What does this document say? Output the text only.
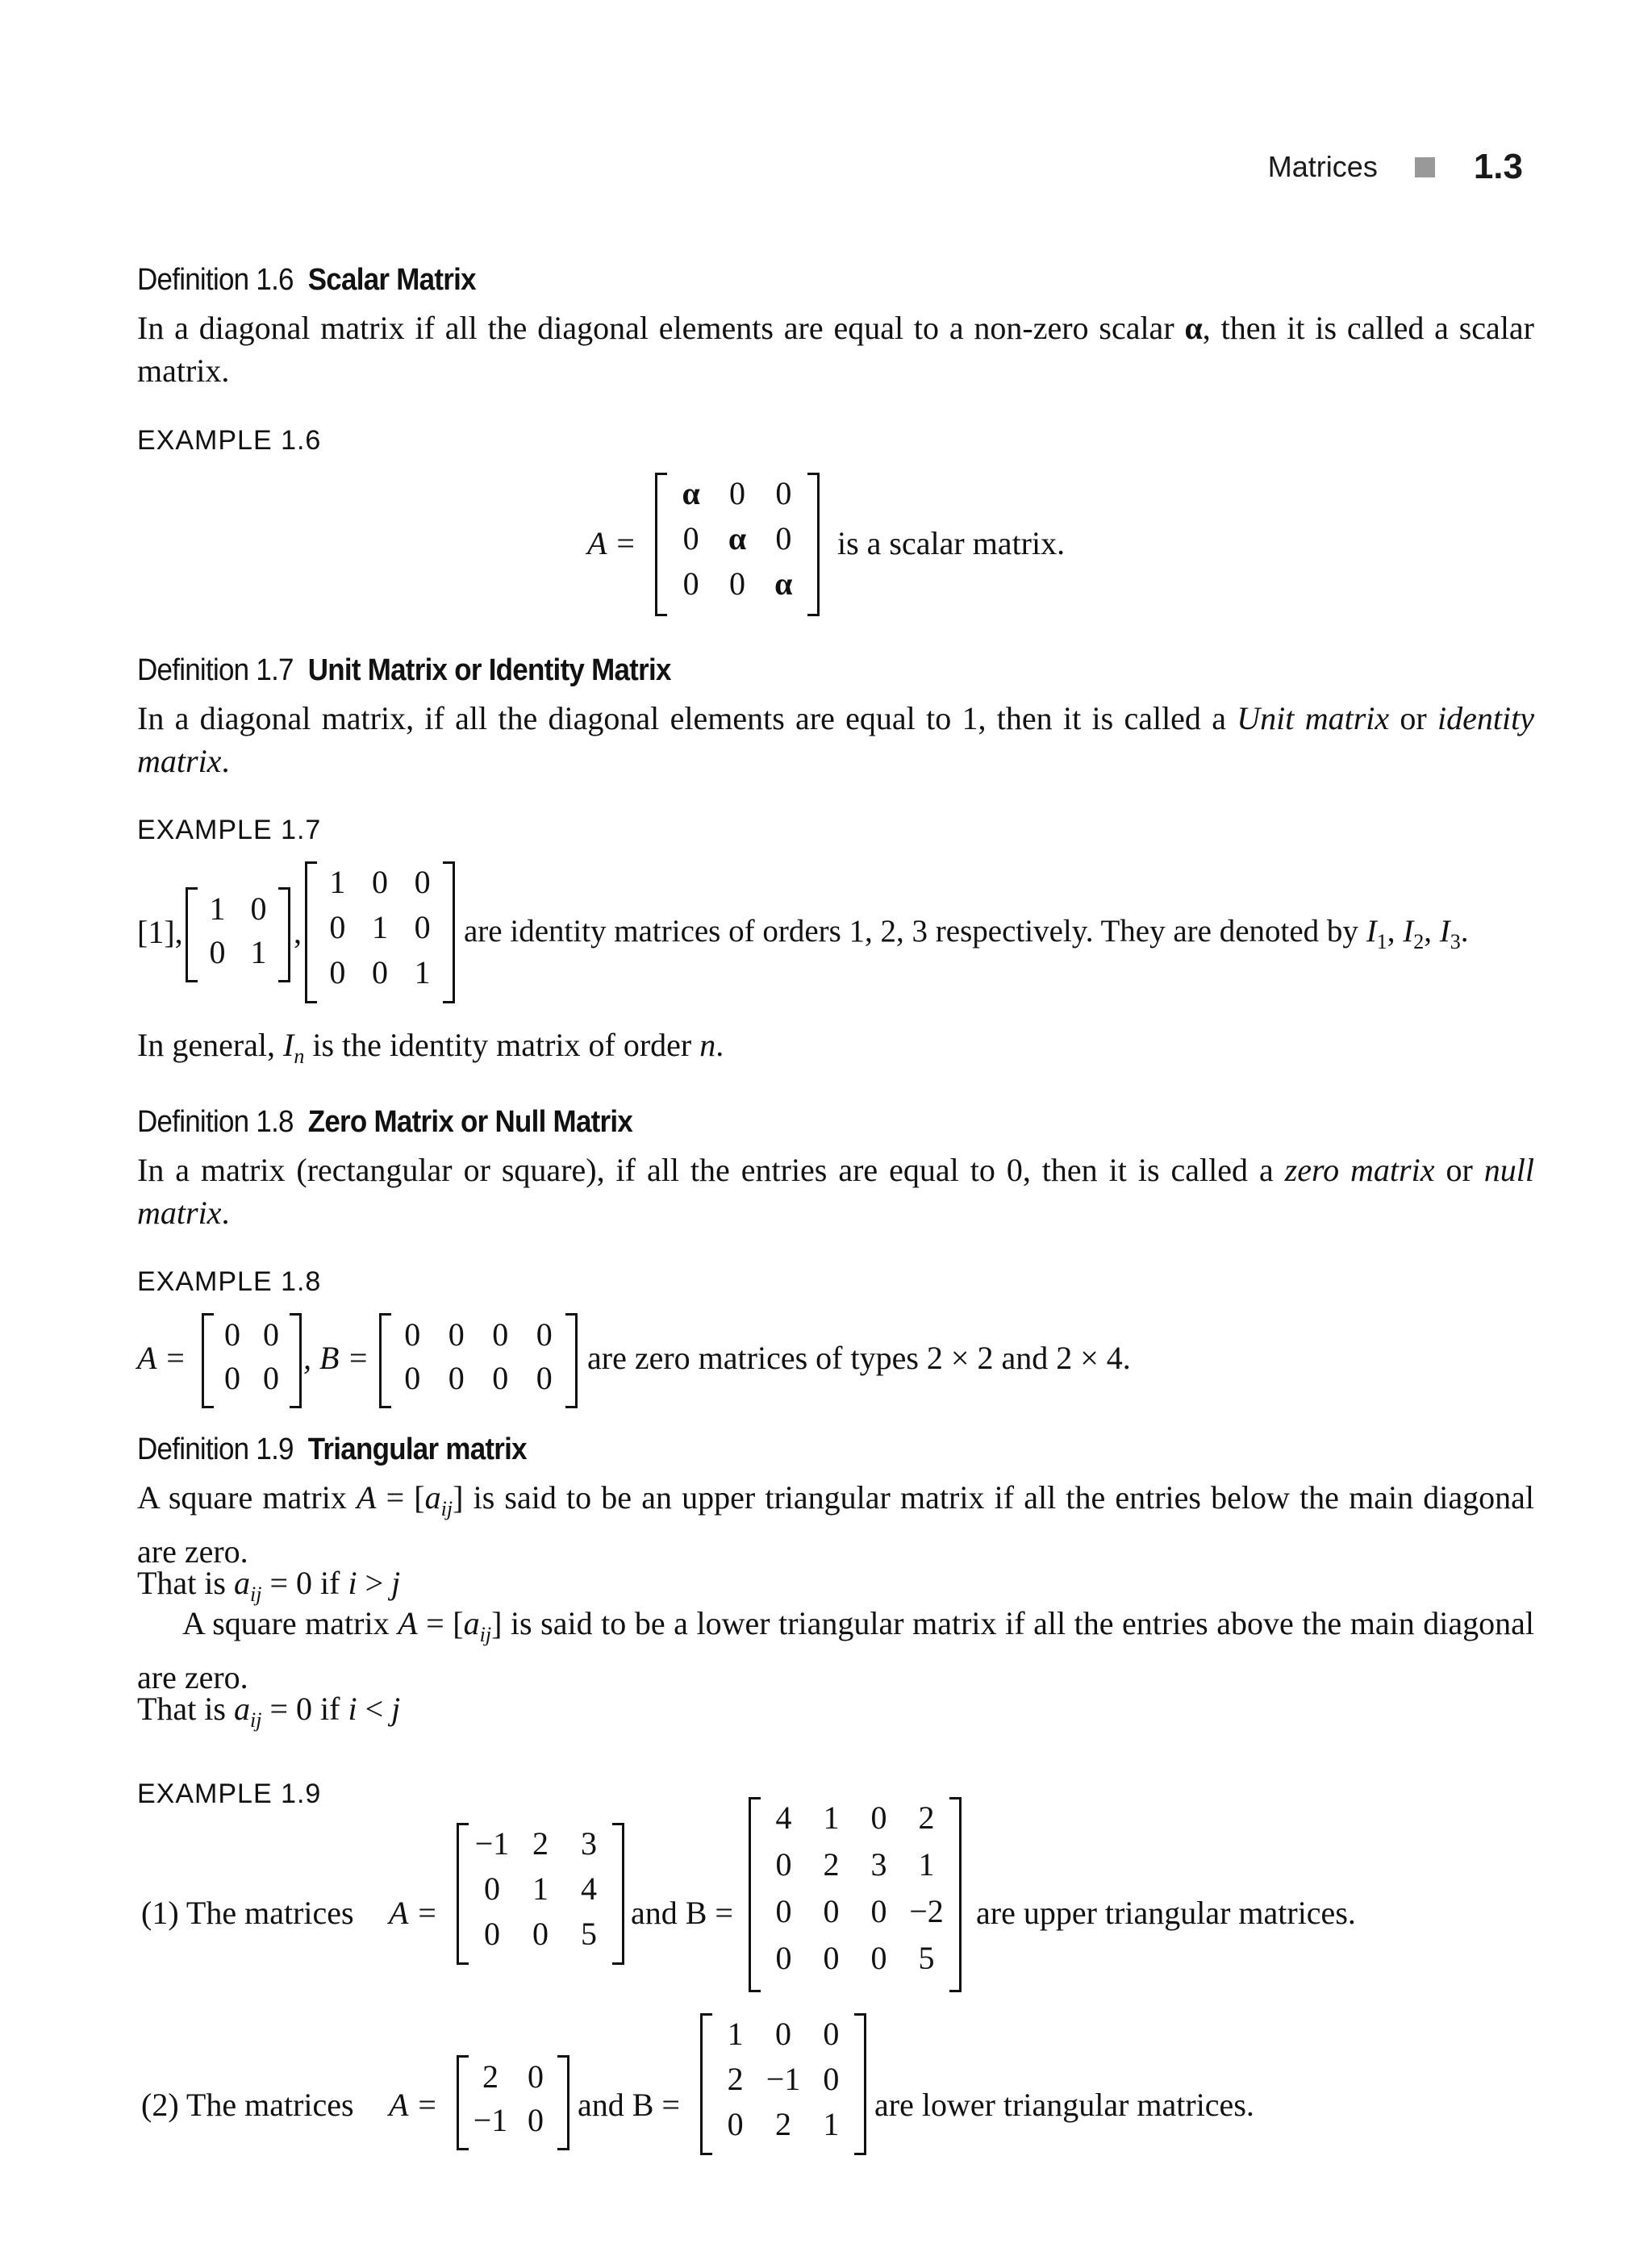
Matrices	1.3
Definition 1.6 Scalar Matrix
In a diagonal matrix if all the diagonal elements are equal to a non-zero scalar α, then it is called a scalar matrix.
EXAMPLE 1.6
A =
α 0 0
0 α 0
0 0 α
is a scalar matrix.
Definition 1.7 Unit Matrix or Identity Matrix
In a diagonal matrix, if all the diagonal elements are equal to 1, then it is called a Unit matrix or identity matrix.
EXAMPLE 1.7
[1],
1 0
0 1
,
1 0 0
0 1 0
0 0 1
are identity matrices of orders 1, 2, 3 respectively. They are denoted by $I_1$, $I_2$, $I_3$.
In general, $I_n$ is the identity matrix of order n.
Definition 1.8 Zero Matrix or Null Matrix
In a matrix (rectangular or square), if all the entries are equal to 0, then it is called a zero matrix or null matrix.
EXAMPLE 1.8
A =
0 0
0 0
, B =
0 0 0 0
0 0 0 0
are zero matrices of types 2 × 2 and 2 × 4.
Definition 1.9 Triangular matrix
A square matrix $A = [a_{ij}]$ is said to be an upper triangular matrix if all the entries below the main diagonal are zero.
That is $a_{ij} = 0$ if i > j
A square matrix $A = [a_{ij}]$ is said to be a lower triangular matrix if all the entries above the main diagonal are zero.
That is $a_{ij} = 0$ if i < j
EXAMPLE 1.9
(1) The matrices A =
−1 2	3
0	1	4
0	0	5
and B =
4 1 0 2
0 2 3 1
0 0 0 −2
0 0 0 5
are upper triangular matrices.
(2) The matrices A =
2 0
−1 0	and B =
1 0 0
2 −1 0
0 2 1
are lower triangular matrices.
